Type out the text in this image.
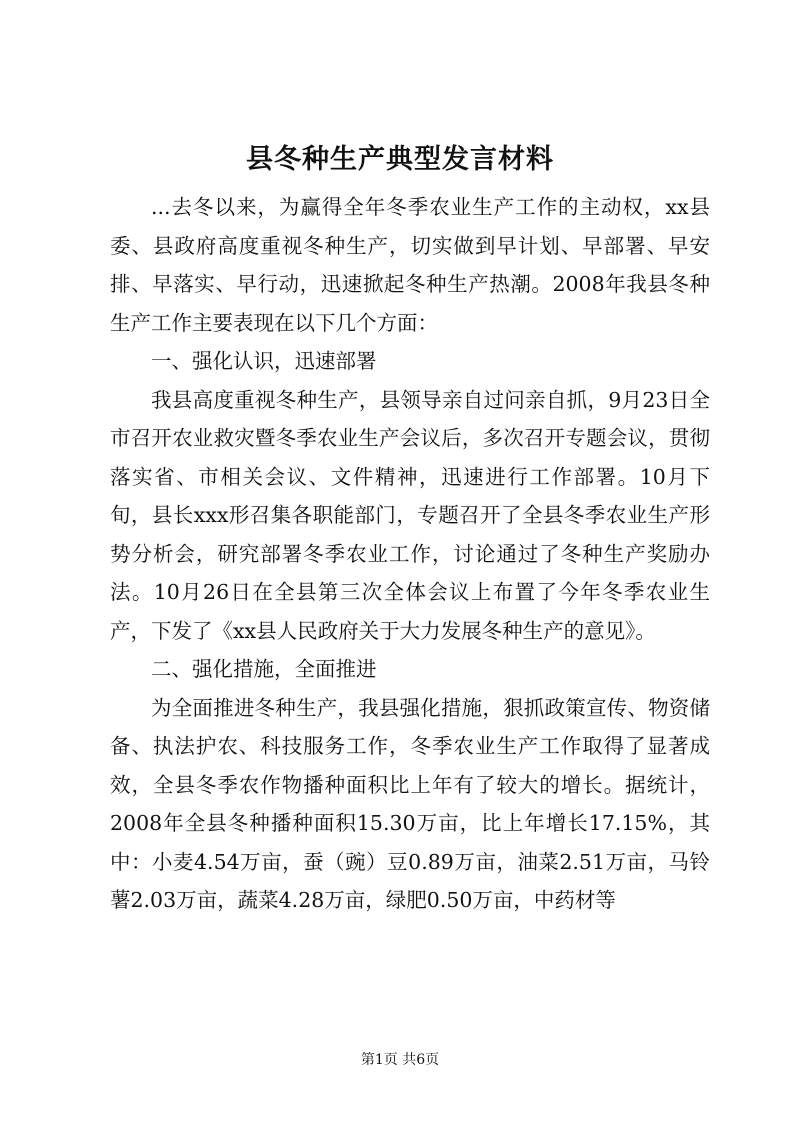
县冬种生产典型发言材料

...去冬以来，为赢得全年冬季农业生产工作的主动权，xx县委、县政府高度重视冬种生产，切实做到早计划、早部署、早安排、早落实、早行动，迅速掀起冬种生产热潮。2008年我县冬种生产工作主要表现在以下几个方面：

一、强化认识，迅速部署

我县高度重视冬种生产，县领导亲自过问亲自抓，9月23日全市召开农业救灾暨冬季农业生产会议后，多次召开专题会议，贯彻落实省、市相关会议、文件精神，迅速进行工作部署。10月下旬，县长xxx形召集各职能部门，专题召开了全县冬季农业生产形势分析会，研究部署冬季农业工作，讨论通过了冬种生产奖励办法。10月26日在全县第三次全体会议上布置了今年冬季农业生产，下发了《xx县人民政府关于大力发展冬种生产的意见》。

二、强化措施，全面推进

为全面推进冬种生产，我县强化措施，狠抓政策宣传、物资储备、执法护农、科技服务工作，冬季农业生产工作取得了显著成效，全县冬季农作物播种面积比上年有了较大的增长。据统计，2008年全县冬种播种面积15.30万亩，比上年增长17.15%，其中：小麦4.54万亩，蚕（豌）豆0.89万亩，油菜2.51万亩，马铃薯2.03万亩，蔬菜4.28万亩，绿肥0.50万亩，中药材等

第1页 共6页
